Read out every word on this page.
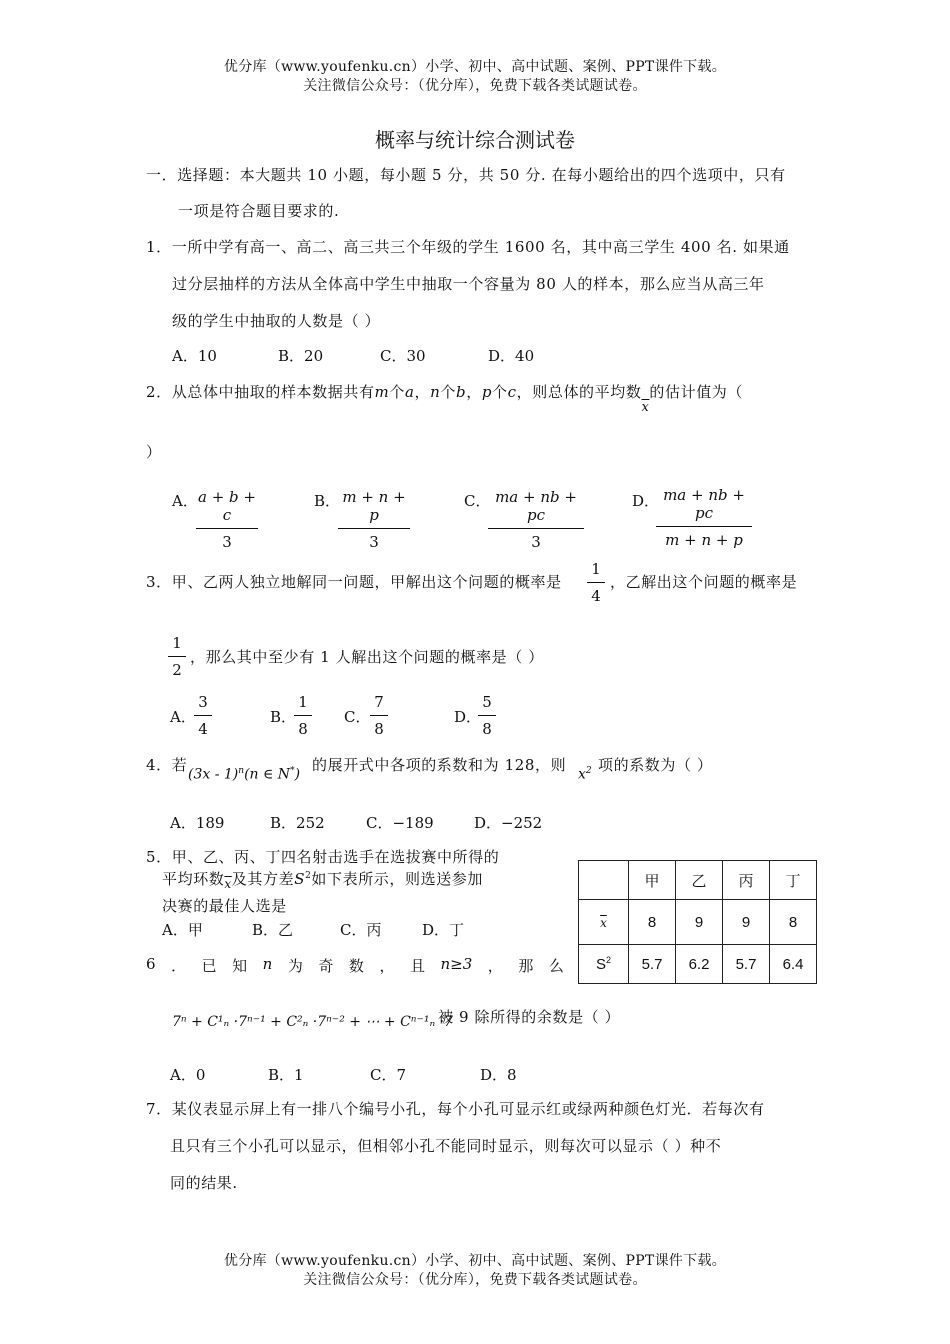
优分库（www.youfenku.cn）小学、初中、高中试题、案例、PPT课件下载。
关注微信公众号：（优分库），免费下载各类试题试卷。
概率与统计综合测试卷
一．选择题：本大题共 10 小题，每小题 5 分，共 50 分. 在每小题给出的四个选项中，只有
一项是符合题目要求的.
1．一所中学有高一、高二、高三共三个年级的学生 1600 名，其中高三学生 400 名. 如果通
过分层抽样的方法从全体高中学生中抽取一个容量为 80 人的样本，那么应当从高三年
级的学生中抽取的人数是（ ）
A．10	B．20	C．30	D．40
2．从总体中抽取的样本数据共有m个a，n个b，p个c，则总体的平均数$\overline{x}$的估计值为（
）
A．
$\frac{a + b + c}{3}$	B．
$\frac{m + n + p}{3}$	C．
$\frac{ma + nb + pc}{3}$	D．
$\frac{ma + nb + pc}{m + n + p}$
3．甲、乙两人独立地解同一问题，甲解出这个问题的概率是 $\frac{1}{4}$ ，乙解出这个问题的概率是
$\frac{1}{2}$ ，那么其中至少有 1 人解出这个问题的概率是（ ）
A．
$\frac{3}{4}$	B．
$\frac{1}{8}$ C． $\frac{7}{8}$	D．
$\frac{5}{8}$
4．若
(3x - 1)$^n$(n ∈ N*)
的展开式中各项的系数和为 128，则
$x^2$ 项的系数为（ ）
A．189	B．252	C．−189	D．−252
5．甲、乙、丙、丁四名射击选手在选拔赛中所得的
平均环数$\overline{x}$及其方差$S^2$如下表所示，则选送参加
决赛的最佳人选是
A．甲	B．乙	C．丙	D．丁
	甲	乙	丙	丁
$\overline{x}$	8	9	9	8
$S^2$	5.7	6.2	5.7	6.4
6 ． 已 知 n 为 奇 数 ， 且 n≥3 ， 那 么
7ⁿ + C¹ₙ ·7ⁿ⁻¹ + C²ₙ ·7ⁿ⁻² + ⋯ + Cⁿ⁻¹ₙ ·7
被 9 除所得的余数是（ ）
A．0	B．1	C．7	D．8
7．某仪表显示屏上有一排八个编号小孔，每个小孔可显示红或绿两种颜色灯光．若每次有
且只有三个小孔可以显示，但相邻小孔不能同时显示，则每次可以显示（ ）种不
同的结果.
优分库（www.youfenku.cn）小学、初中、高中试题、案例、PPT课件下载。
关注微信公众号：（优分库），免费下载各类试题试卷。
